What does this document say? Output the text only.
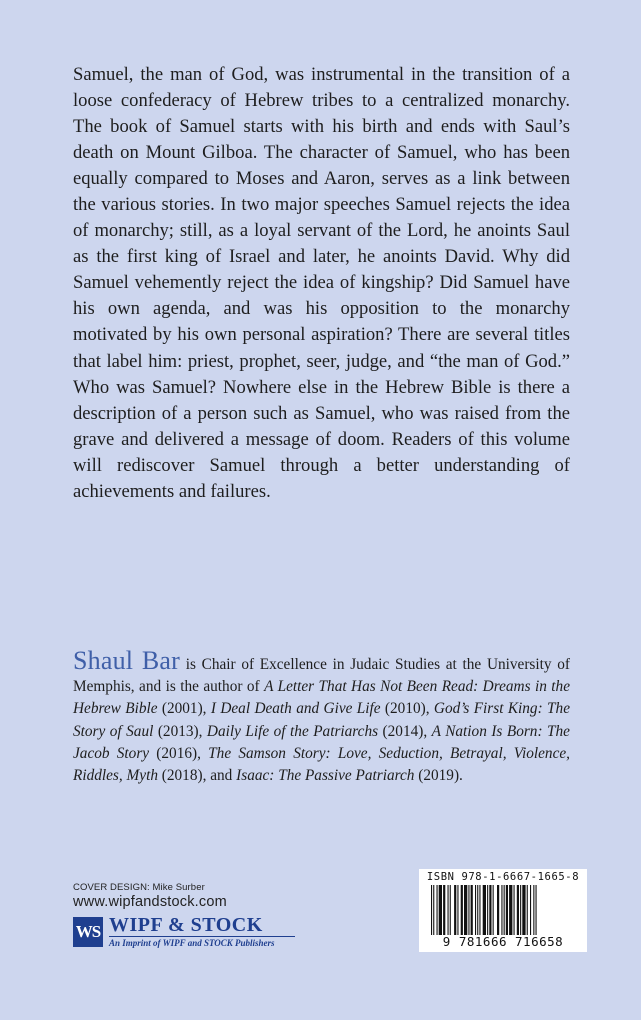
Samuel, the man of God, was instrumental in the transition of a loose confederacy of Hebrew tribes to a centralized monarchy. The book of Samuel starts with his birth and ends with Saul’s death on Mount Gilboa. The character of Samuel, who has been equally compared to Moses and Aaron, serves as a link between the various stories. In two major speeches Samuel rejects the idea of monarchy; still, as a loyal servant of the Lord, he anoints Saul as the first king of Israel and later, he anoints David. Why did Samuel vehemently reject the idea of kingship? Did Samuel have his own agenda, and was his opposition to the monarchy motivated by his own personal aspiration? There are several titles that label him: priest, prophet, seer, judge, and “the man of God.” Who was Samuel? Nowhere else in the Hebrew Bible is there a description of a person such as Samuel, who was raised from the grave and delivered a message of doom. Readers of this volume will rediscover Samuel through a better understanding of achievements and failures.

Shaul Bar is Chair of Excellence in Judaic Studies at the University of Memphis, and is the author of A Letter That Has Not Been Read: Dreams in the Hebrew Bible (2001), I Deal Death and Give Life (2010), God’s First King: The Story of Saul (2013), Daily Life of the Patriarchs (2014), A Nation Is Born: The Jacob Story (2016), The Samson Story: Love, Seduction, Betrayal, Violence, Riddles, Myth (2018), and Isaac: The Passive Patriarch (2019).

COVER DESIGN: Mike Surber
www.wipfandstock.com
WS WIPF & STOCK
An Imprint of WIPF and STOCK Publishers
ISBN 978-1-6667-1665-8
9 781666 716658
